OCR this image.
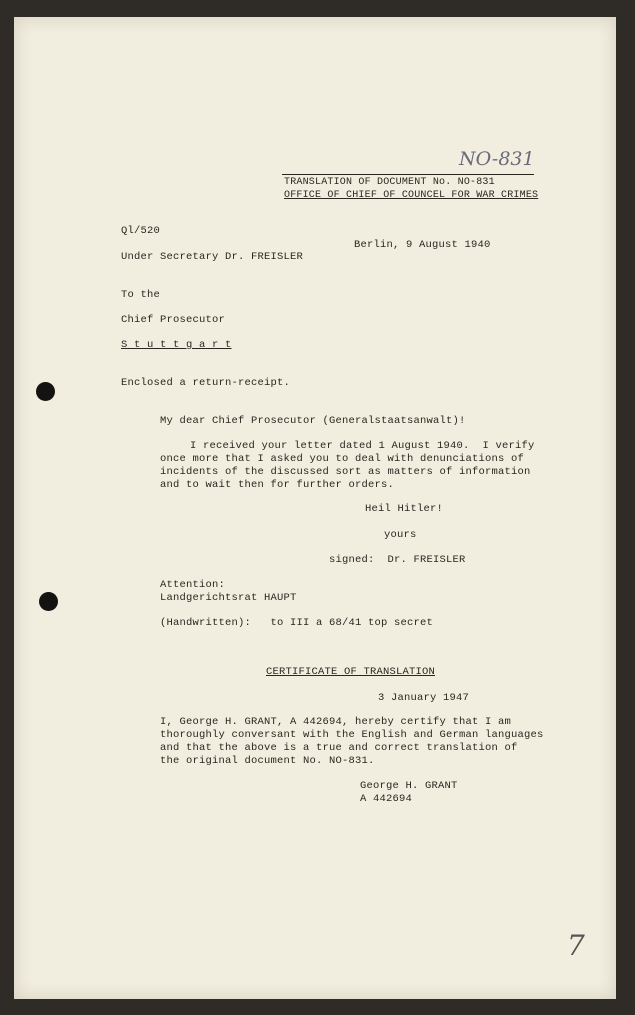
NO-831
TRANSLATION OF DOCUMENT No. NO-831
OFFICE OF CHIEF OF COUNCEL FOR WAR CRIMES
Ql/520
Berlin, 9 August 1940
Under Secretary Dr. FREISLER
To the
Chief Prosecutor
S t u t t g a r t
Enclosed a return-receipt.
My dear Chief Prosecutor (Generalstaatsanwalt)!
I received your letter dated 1 August 1940.  I verify
once more that I asked you to deal with denunciations of
incidents of the discussed sort as matters of information
and to wait then for further orders.
Heil Hitler!
yours
signed:  Dr. FREISLER
Attention:
Landgerichtsrat HAUPT
(Handwritten):   to III a 68/41 top secret
CERTIFICATE OF TRANSLATION
3 January 1947
I, George H. GRANT, A 442694, hereby certify that I am
thoroughly conversant with the English and German languages
and that the above is a true and correct translation of
the original document No. NO-831.
George H. GRANT
A 442694
7
